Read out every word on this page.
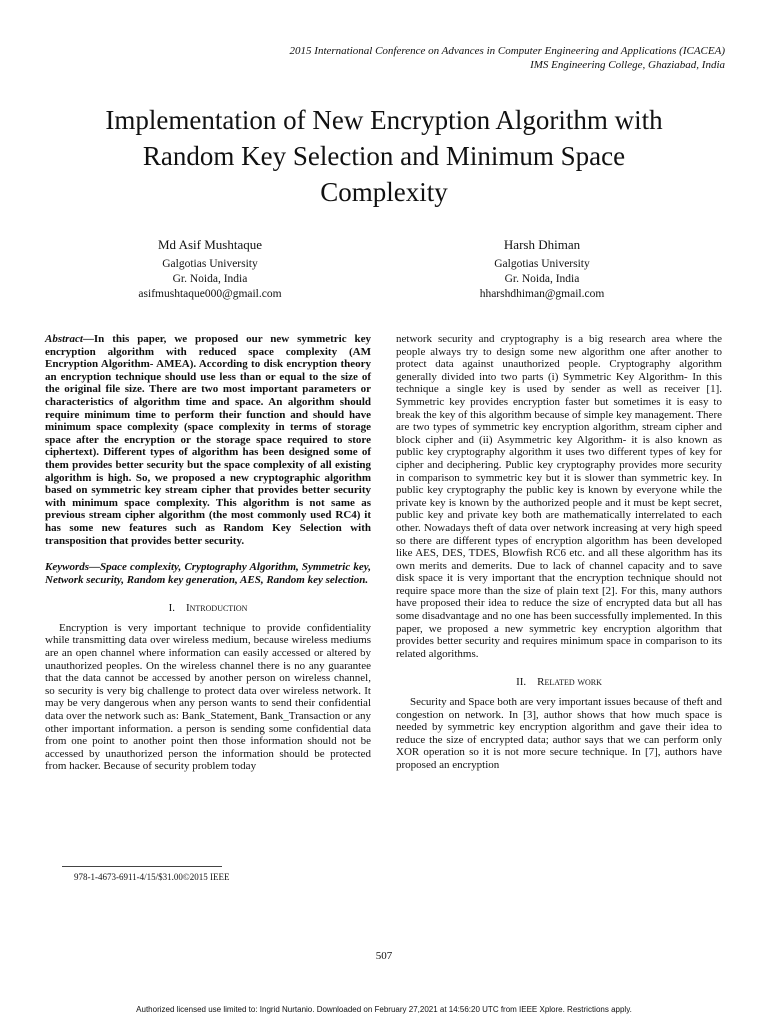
2015 International Conference on Advances in Computer Engineering and Applications (ICACEA)
IMS Engineering College, Ghaziabad, India
Implementation of New Encryption Algorithm with
Random Key Selection and Minimum Space
Complexity
Md Asif Mushtaque
Galgotias University
Gr. Noida, India
asifmushtaque000@gmail.com
Harsh Dhiman
Galgotias University
Gr. Noida, India
hharshdhiman@gmail.com

Abstract—In this paper, we proposed our new symmetric key encryption algorithm with reduced space complexity (AM Encryption Algorithm- AMEA). According to disk encryption theory an encryption technique should use less than or equal to the size of the original file size. There are two most important parameters or characteristics of algorithm time and space. An algorithm should require minimum time to perform their function and should have minimum space complexity (space complexity in terms of storage space after the encryption or the storage space required to store ciphertext). Different types of algorithm has been designed some of them provides better security but the space complexity of all existing algorithm is high. So, we proposed a new cryptographic algorithm based on symmetric key stream cipher that provides better security with minimum space complexity. This algorithm is not same as previous stream cipher algorithm (the most commonly used RC4) it has some new features such as Random Key Selection with transposition that provides better security.

Keywords—Space complexity, Cryptography Algorithm, Symmetric key, Network security, Random key generation, AES, Random key selection.

I. Introduction

Encryption is very important technique to provide confidentiality while transmitting data over wireless medium, because wireless mediums are an open channel where information can easily accessed or altered by unauthorized peoples. On the wireless channel there is no any guarantee that the data cannot be accessed by another person on wireless channel, so security is very big challenge to protect data over wireless network. It may be very dangerous when any person wants to send their confidential data over the network such as: Bank_Statement, Bank_Transaction or any other important information. a person is sending some confidential data from one point to another point then those information should not be accessed by unauthorized person the information should be protected from hacker. Because of security problem today

network security and cryptography is a big research area where the people always try to design some new algorithm one after another to protect data against unauthorized people. Cryptography algorithm generally divided into two parts (i) Symmetric Key Algorithm- In this technique a single key is used by sender as well as receiver [1]. Symmetric key provides encryption faster but sometimes it is easy to break the key of this algorithm because of simple key management. There are two types of symmetric key encryption algorithm, stream cipher and block cipher and (ii) Asymmetric key Algorithm- it is also known as public key cryptography algorithm it uses two different types of key for cipher and deciphering. Public key cryptography provides more security in comparison to symmetric key but it is slower than symmetric key. In public key cryptography the public key is known by everyone while the private key is known by the authorized people and it must be kept secret, public key and private key both are mathematically interrelated to each other. Nowadays theft of data over network increasing at very high speed so there are different types of encryption algorithm has been developed like AES, DES, TDES, Blowfish RC6 etc. and all these algorithm has its own merits and demerits. Due to lack of channel capacity and to save disk space it is very important that the encryption technique should not require space more than the size of plain text [2]. For this, many authors have proposed their idea to reduce the size of encrypted data but all has some disadvantage and no one has been successfully implemented. In this paper, we proposed a new symmetric key encryption algorithm that provides better security and requires minimum space in comparison to its related algorithms.

II. Related work

Security and Space both are very important issues because of theft and congestion on network. In [3], author shows that how much space is needed by symmetric key encryption algorithm and gave their idea to reduce the size of encrypted data; author says that we can perform only XOR operation so it is not more secure technique. In [7], authors have proposed an encryption

978-1-4673-6911-4/15/$31.00©2015 IEEE
507
Authorized licensed use limited to: Ingrid Nurtanio. Downloaded on February 27,2021 at 14:56:20 UTC from IEEE Xplore. Restrictions apply.
